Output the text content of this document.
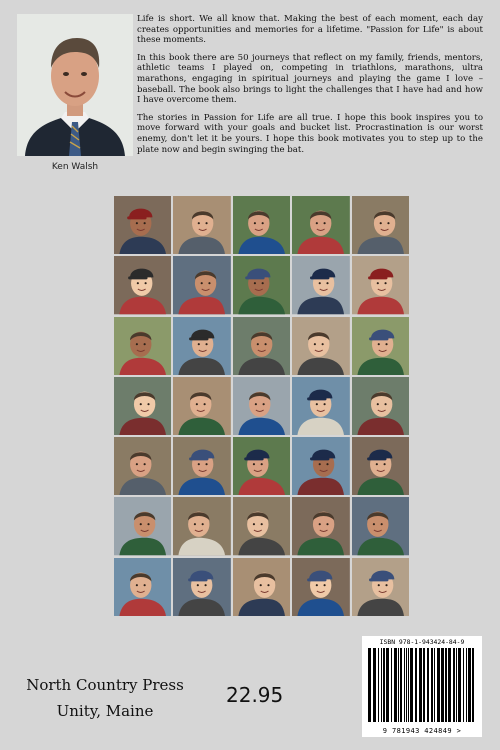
Ken Walsh

Life is short. We all know that. Making the best of each moment, each day creates opportunities and memories for a lifetime. "Passion for Life" is about these moments.

In this book there are 50 journeys that reflect on my family, friends, mentors, athletic teams I played on, competing in triathlons, marathons, ultra marathons, engaging in spiritual journeys and playing the game I love – baseball. The book also brings to light the challenges that I have had and how I have overcome them.

The stories in Passion for Life are all true. I hope this book inspires you to move forward with your goals and bucket list. Procrastination is our worst enemy, don't let it be yours. I hope this book motivates you to step up to the plate now and begin swinging the bat.

North Country Press
Unity, Maine
22.95
ISBN 978-1-943424-84-9
9 781943 424849 >
